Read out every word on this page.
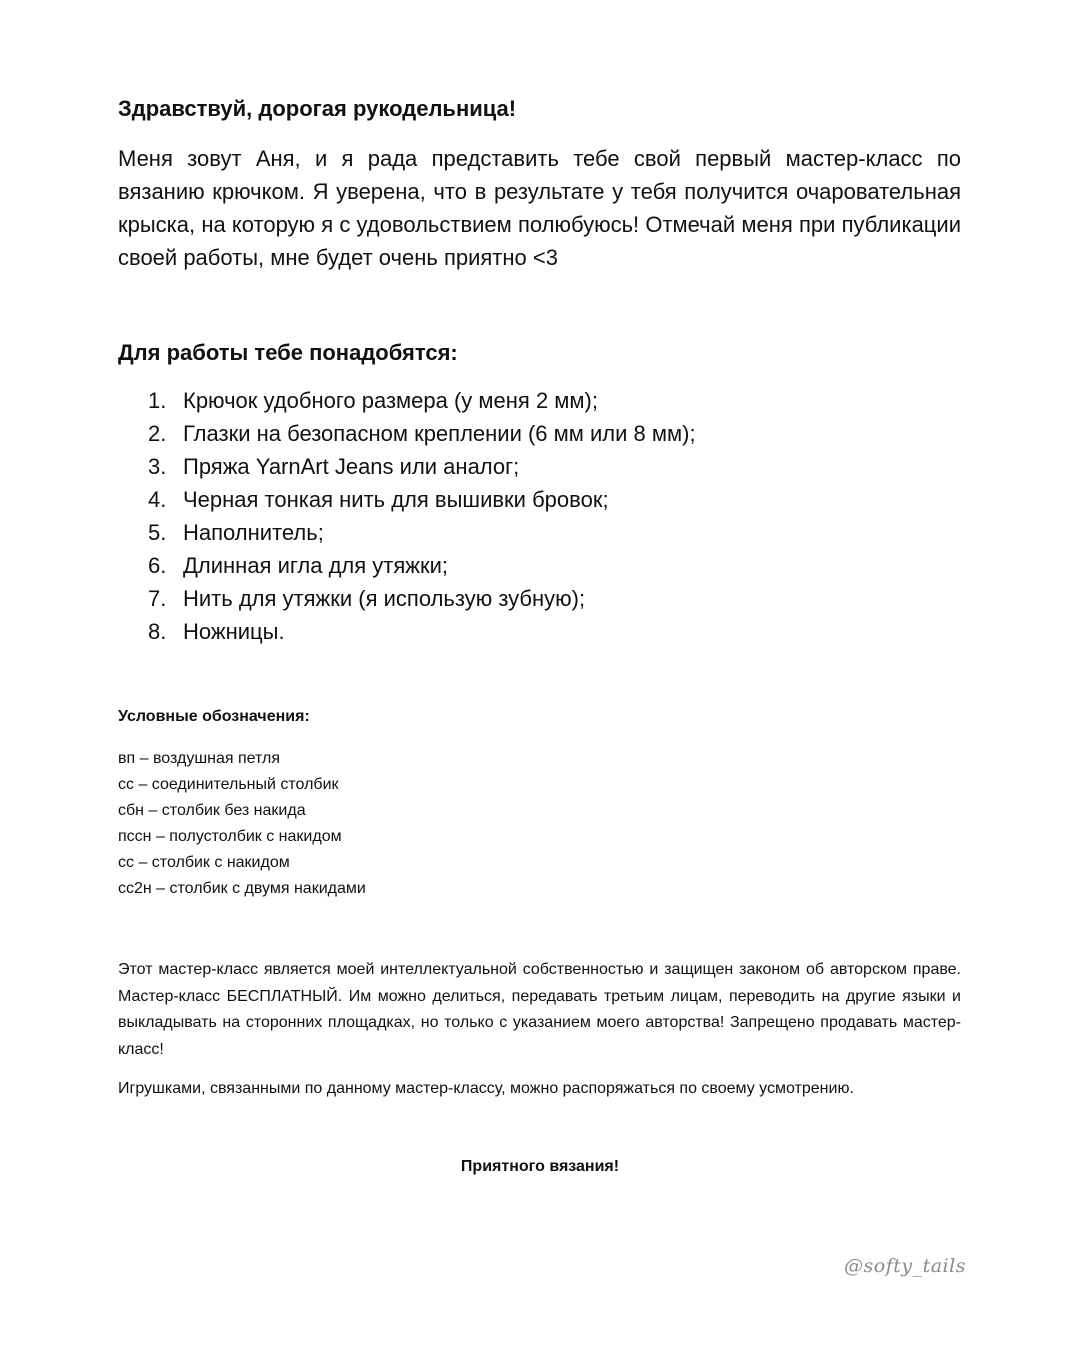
Здравствуй, дорогая рукодельница!

Меня зовут Аня, и я рада представить тебе свой первый мастер-класс по вязанию крючком. Я уверена, что в результате у тебя получится очаровательная крыска, на которую я с удовольствием полюбуюсь! Отмечай меня при публикации своей работы, мне будет очень приятно <3

Для работы тебе понадобятся:

1. Крючок удобного размера (у меня 2 мм);
2. Глазки на безопасном креплении (6 мм или 8 мм);
3. Пряжа YarnArt Jeans или аналог;
4. Черная тонкая нить для вышивки бровок;
5. Наполнитель;
6. Длинная игла для утяжки;
7. Нить для утяжки (я использую зубную);
8. Ножницы.

Условные обозначения:

вп – воздушная петля
сс – соединительный столбик
сбн – столбик без накида
пссн – полустолбик с накидом
сс – столбик с накидом
сс2н – столбик с двумя накидами

Этот мастер-класс является моей интеллектуальной собственностью и защищен законом об авторском праве. Мастер-класс БЕСПЛАТНЫЙ. Им можно делиться, передавать третьим лицам, переводить на другие языки и выкладывать на сторонних площадках, но только с указанием моего авторства! Запрещено продавать мастер-класс!

Игрушками, связанными по данному мастер-классу, можно распоряжаться по своему усмотрению.

Приятного вязания!

@softy_tails
